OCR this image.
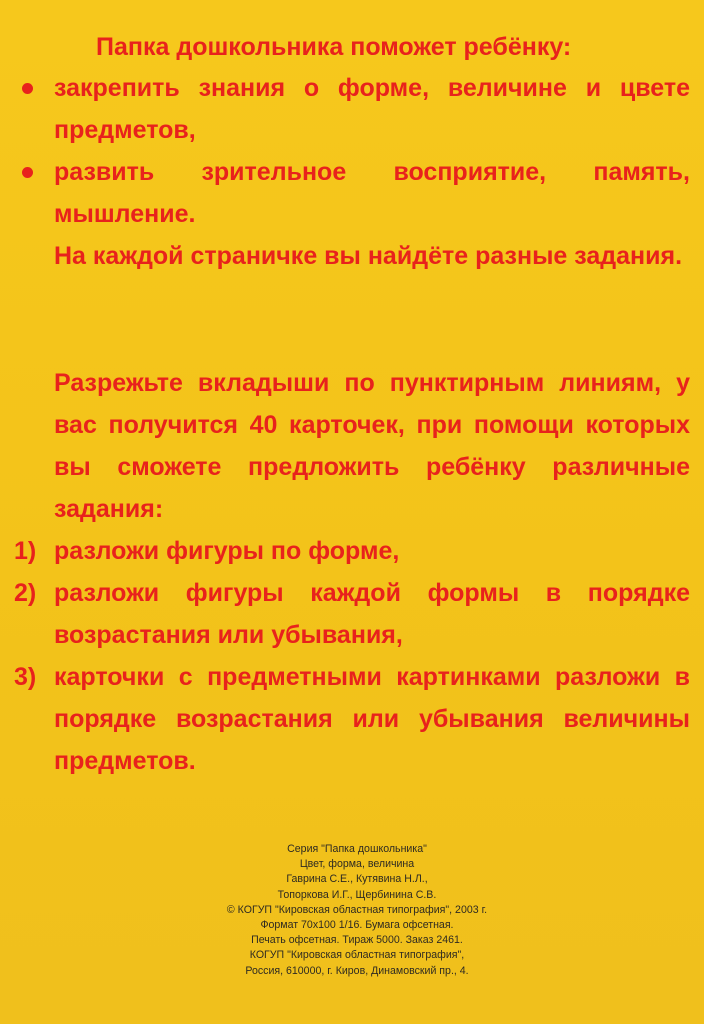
Папка дошкольника поможет ребёнку:
закрепить знания о форме, величине и цвете предметов,
развить зрительное восприятие, память, мышление.
На каждой страничке вы найдёте разные задания.
Разрежьте вкладыши по пунктирным линиям, у вас получится 40 карточек, при помощи которых вы сможете предложить ребёнку различные задания:
1) разложи фигуры по форме,
2) разложи фигуры каждой формы в порядке возрастания или убывания,
3) карточки с предметными картинками разложи в порядке возрастания или убывания величины предметов.
Серия "Папка дошкольника"
Цвет, форма, величина
Гаврина С.Е., Кутявина Н.Л.,
Топоркова И.Г., Щербинина С.В.
© КОГУП "Кировская областная типография", 2003 г.
Формат 70х100 1/16. Бумага офсетная.
Печать офсетная. Тираж 5000. Заказ 2461.
КОГУП "Кировская областная типография",
Россия, 610000, г. Киров, Динамовский пр., 4.
